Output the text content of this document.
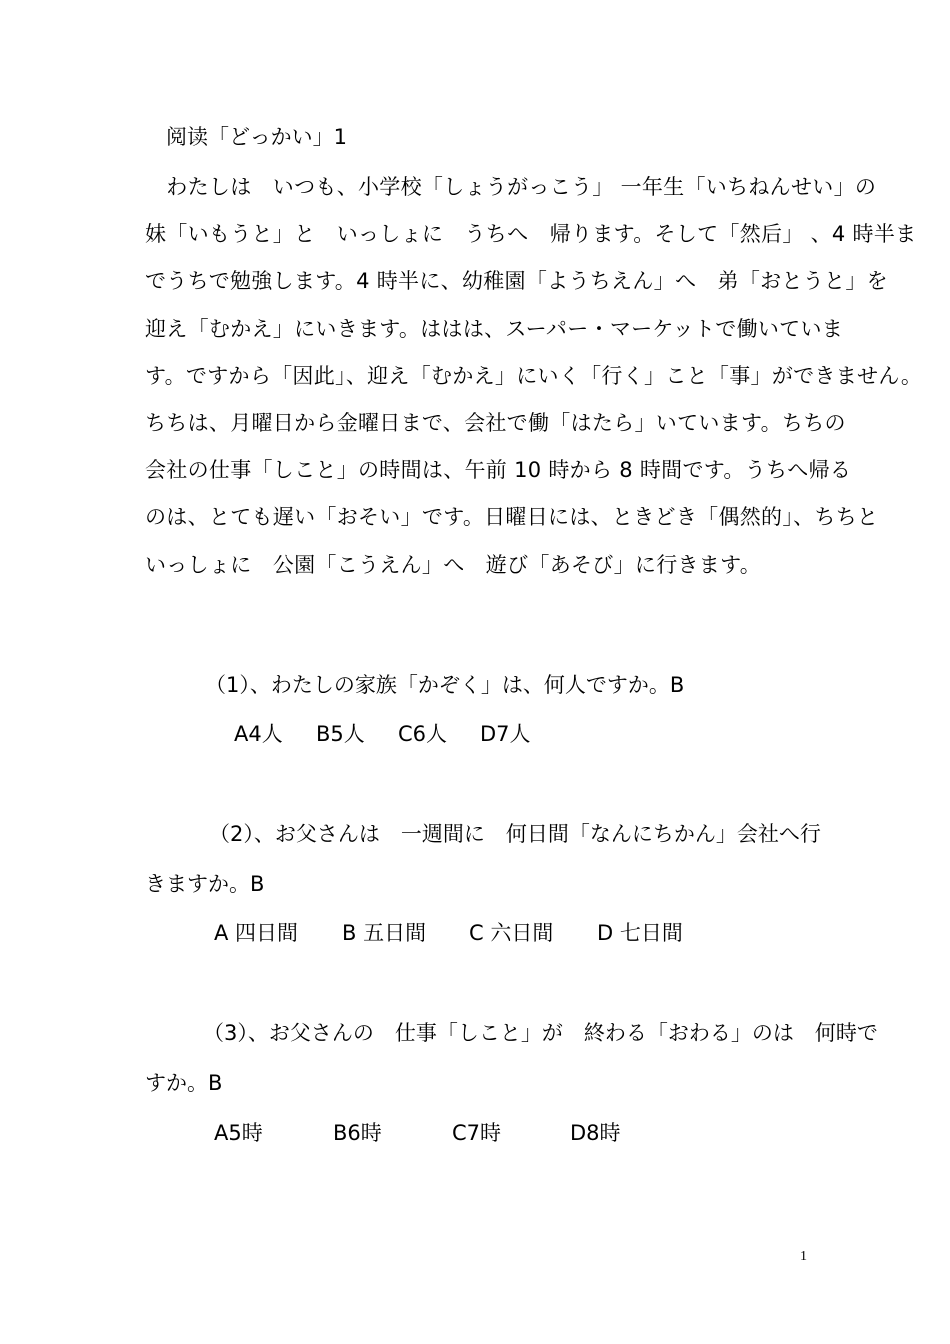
阅读「どっかい」1
　わたしは　いつも、小学校「しょうがっこう」 一年生「いちねんせい」の
妹「いもうと」と　いっしょに　うちへ　帰ります。そして「然后」 、4 時半ま
でうちで勉強します。4 時半に、幼稚園「ようちえん」へ　弟「おとうと」を
迎え「むかえ」にいきます。ははは、スーパー・マーケットで働いていま
す。ですから「因此」、迎え「むかえ」にいく「行く」こと「事」ができません。
ちちは、月曜日から金曜日まで、会社で働「はたら」いています。ちちの
会社の仕事「しこと」の時間は、午前 10 時から 8 時間です。うちへ帰る
のは、とても遅い「おそい」です。日曜日には、ときどき「偶然的」、ちちと
いっしょに　公園「こうえん」へ　遊び「あそび」に行きます。
（1）、わたしの家族「かぞく」は、何人ですか。B
A4人 B5人 C6人 D7人
（2）、お父さんは　一週間に　何日間「なんにちかん」会社へ行
きますか。B
A 四日間 B 五日間 C 六日間 D 七日間
（3）、お父さんの　仕事「しこと」が　終わる「おわる」のは　何時で
すか。B
A5時	B6時	C7時	D8時
1
